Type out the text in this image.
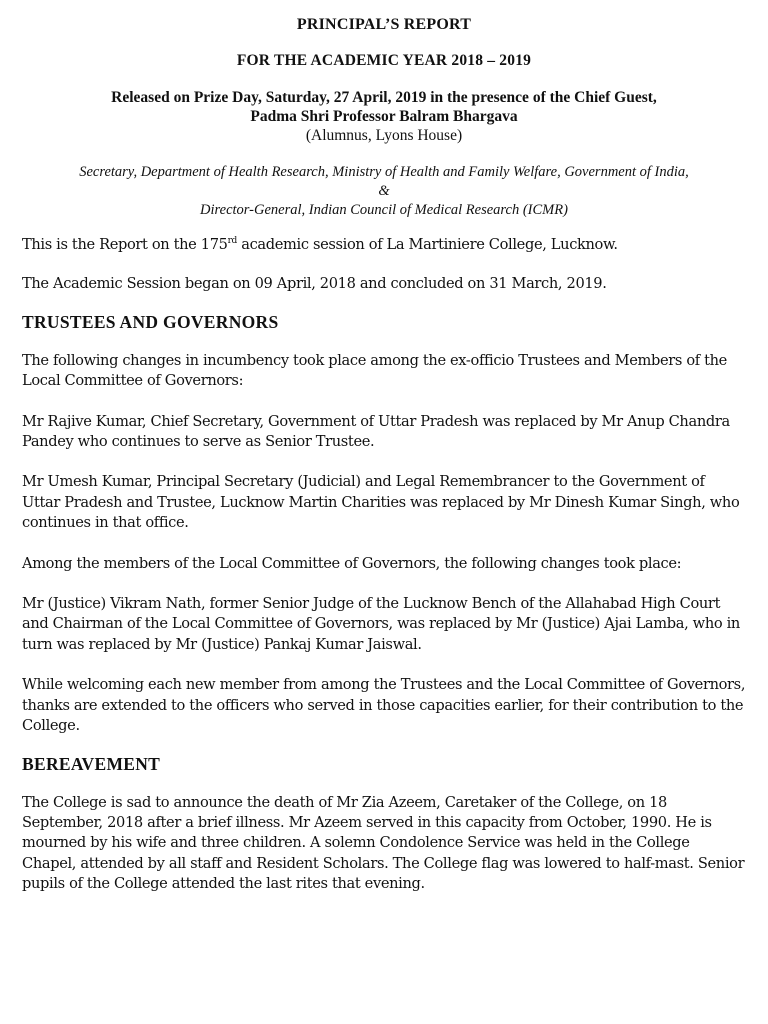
PRINCIPAL’S REPORT
FOR THE ACADEMIC YEAR 2018 – 2019
Released on Prize Day, Saturday, 27 April, 2019 in the presence of the Chief Guest,
Padma Shri Professor Balram Bhargava
(Alumnus, Lyons House)
Secretary, Department of Health Research, Ministry of Health and Family Welfare, Government of India,
&
Director-General, Indian Council of Medical Research (ICMR)

This is the Report on the 175rd academic session of La Martiniere College, Lucknow.

The Academic Session began on 09 April, 2018 and concluded on 31 March, 2019.

TRUSTEES AND GOVERNORS

The following changes in incumbency took place among the ex-officio Trustees and Members of the Local Committee of Governors:

Mr Rajive Kumar, Chief Secretary, Government of Uttar Pradesh was replaced by Mr Anup Chandra Pandey who continues to serve as Senior Trustee.

Mr Umesh Kumar, Principal Secretary (Judicial) and Legal Remembrancer to the Government of Uttar Pradesh and Trustee, Lucknow Martin Charities was replaced by Mr Dinesh Kumar Singh, who continues in that office.

Among the members of the Local Committee of Governors, the following changes took place:

Mr (Justice) Vikram Nath, former Senior Judge of the Lucknow Bench of the Allahabad High Court and Chairman of the Local Committee of Governors, was replaced by Mr (Justice) Ajai Lamba, who in turn was replaced by Mr (Justice) Pankaj Kumar Jaiswal.

While welcoming each new member from among the Trustees and the Local Committee of Governors, thanks are extended to the officers who served in those capacities earlier, for their contribution to the College.

BEREAVEMENT

The College is sad to announce the death of Mr Zia Azeem, Caretaker of the College, on 18 September, 2018 after a brief illness. Mr Azeem served in this capacity from October, 1990. He is mourned by his wife and three children. A solemn Condolence Service was held in the College Chapel, attended by all staff and Resident Scholars. The College flag was lowered to half-mast. Senior pupils of the College attended the last rites that evening.
